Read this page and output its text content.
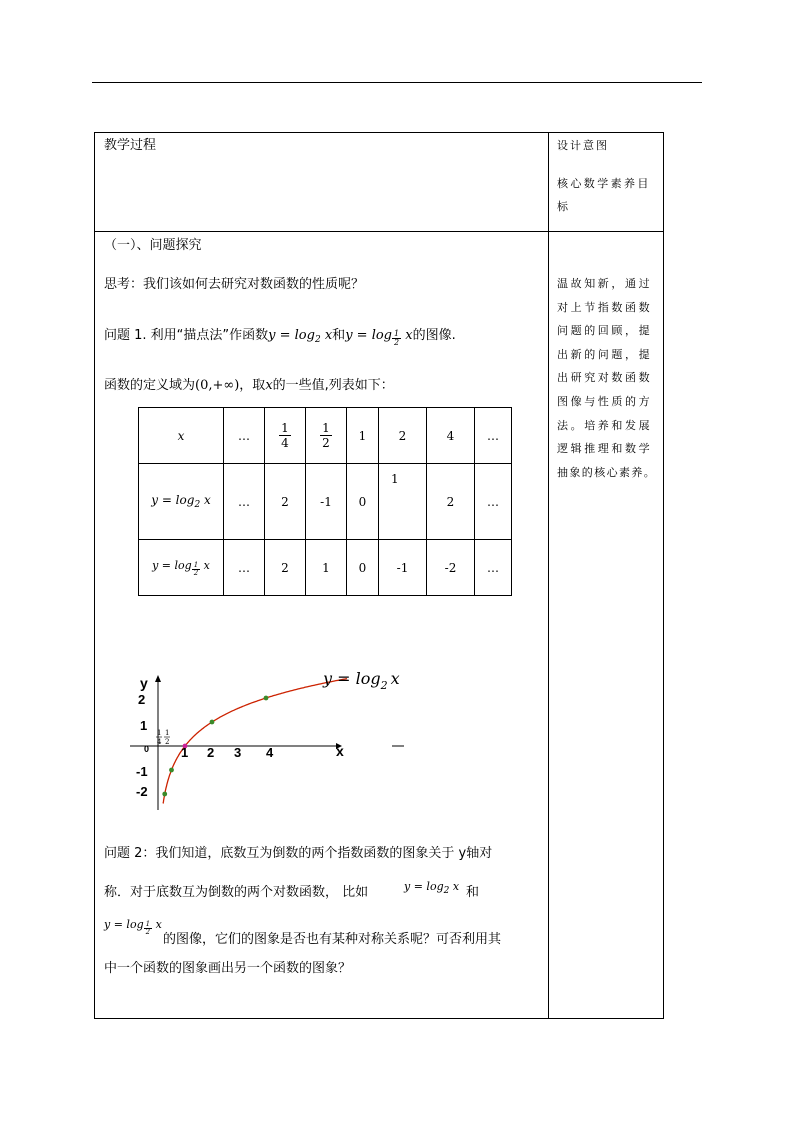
教学过程	设计意图
核心数学素养目
标
（一）、问题探究
思考：我们该如何去研究对数函数的性质呢？
问题 1. 利用“描点法”作函数$y = \log_2 x$和$y = \log \frac{1}{2}$ x的图像.
函数的定义域为(0,+∞)，取x的一些值,列表如下：
x	…	$\frac{1}{4}$	$\frac{1}{2}$	1	2	4	…
$y = \log_2 x$	…	2	-1	0	1	2	…
$y = \log \frac{1}{2}$ x	…	2	1	0	-1	-2	…
y
x
0
2
1
-1
-2
1 2 3 4
1
4
1
2
$y = \log_2 x$
问题 2：我们知道，底数互为倒数的两个指数函数的图象关于 y轴对
称．对于底数互为倒数的两个对数函数， 比如	$y = \log_2 x$ 和
$y = \log \frac{1}{2}$ x
的图像，它们的图象是否也有某种对称关系呢？可否利用其
中一个函数的图象画出另一个函数的图象？
温故知新，通过
对上节指数函数
问题的回顾，提
出新的问题，提
出研究对数函数
图像与性质的方
法。培养和发展
逻辑推理和数学
抽象的核心素养。
